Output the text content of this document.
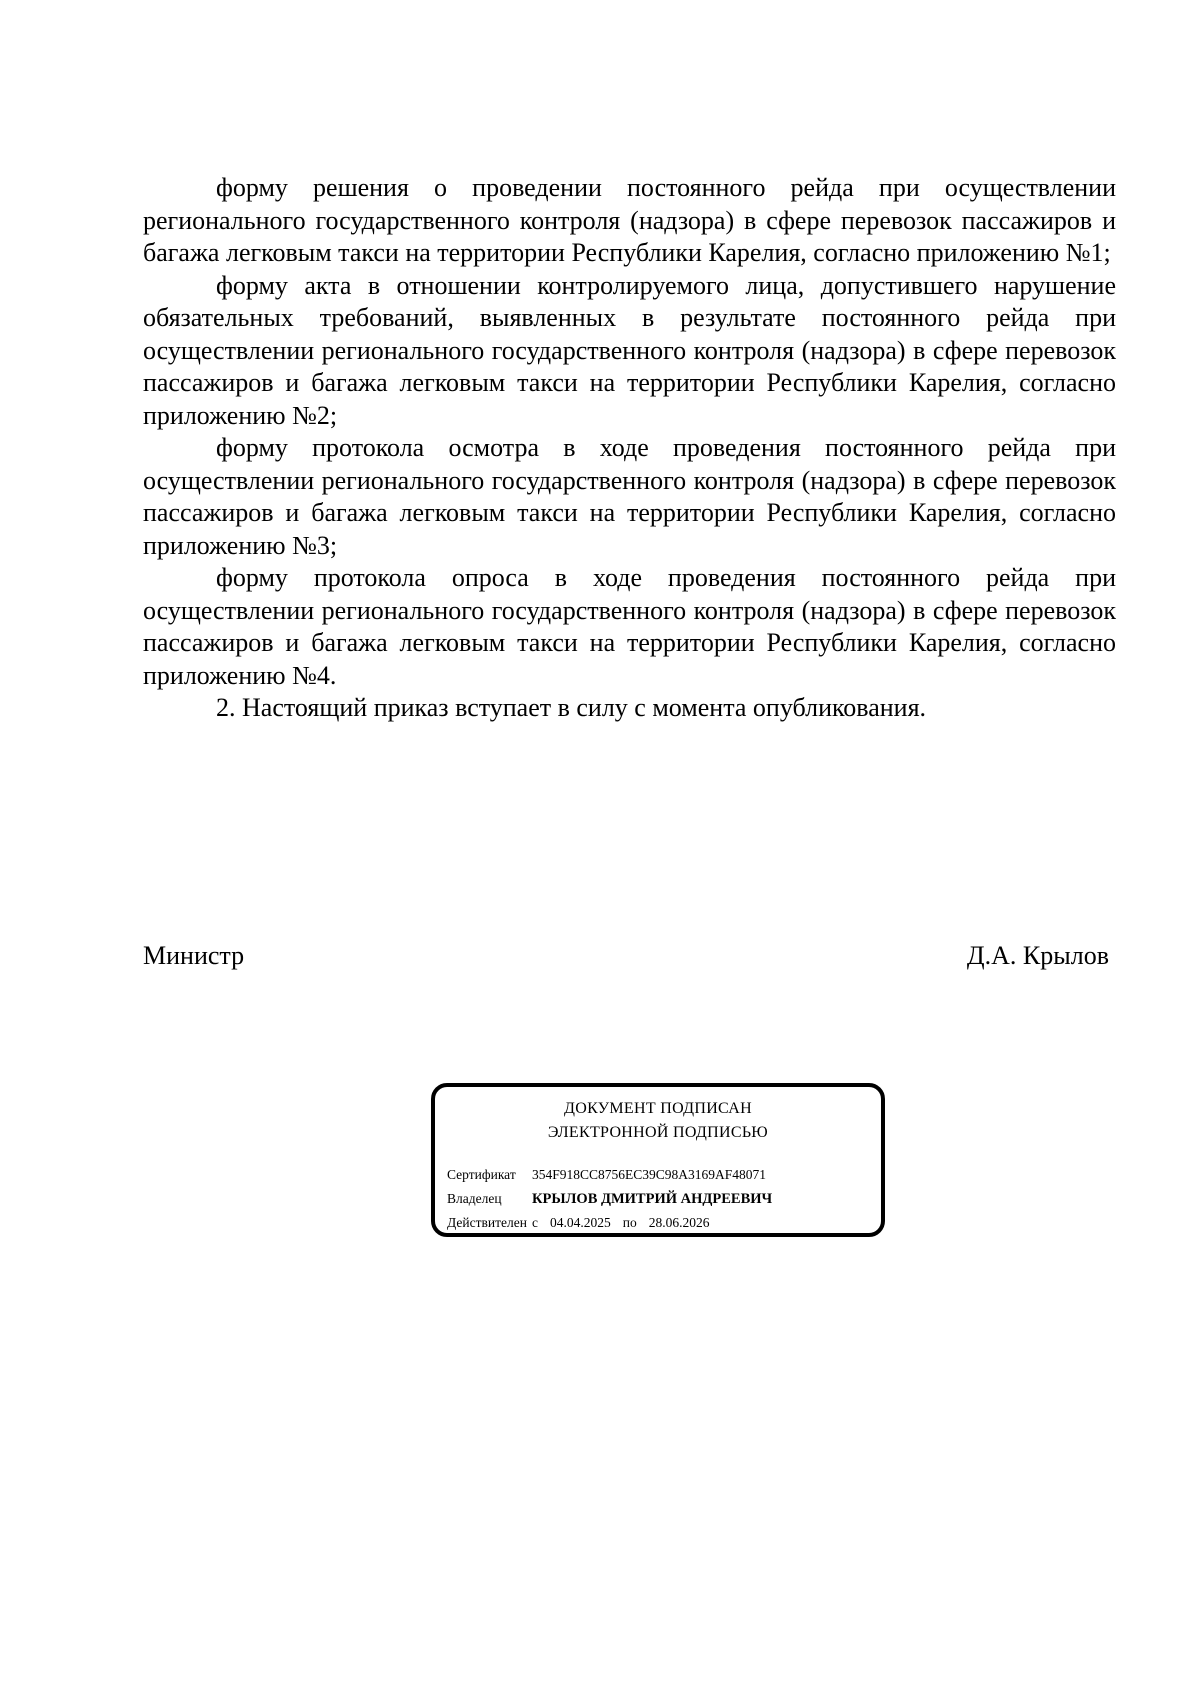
форму решения о проведении постоянного рейда при осуществлении регионального государственного контроля (надзора) в сфере перевозок пассажиров и багажа легковым такси на территории Республики Карелия, согласно приложению №1;

форму акта в отношении контролируемого лица, допустившего нарушение обязательных требований, выявленных в результате постоянного рейда при осуществлении регионального государственного контроля (надзора) в сфере перевозок пассажиров и багажа легковым такси на территории Республики Карелия, согласно приложению №2;

форму протокола осмотра в ходе проведения постоянного рейда при осуществлении регионального государственного контроля (надзора) в сфере перевозок пассажиров и багажа легковым такси на территории Республики Карелия, согласно приложению №3;

форму протокола опроса в ходе проведения постоянного рейда при осуществлении регионального государственного контроля (надзора) в сфере перевозок пассажиров и багажа легковым такси на территории Республики Карелия, согласно приложению №4.

2. Настоящий приказ вступает в силу с момента опубликования.

Министр	Д.А. Крылов
ДОКУМЕНТ ПОДПИСАН
ЭЛЕКТРОННОЙ ПОДПИСЬЮ
Сертификат	354F918CC8756EC39C98A3169AF48071
Владелец	КРЫЛОВ ДМИТРИЙ АНДРЕЕВИЧ
Действителен с 04.04.2025 по 28.06.2026
